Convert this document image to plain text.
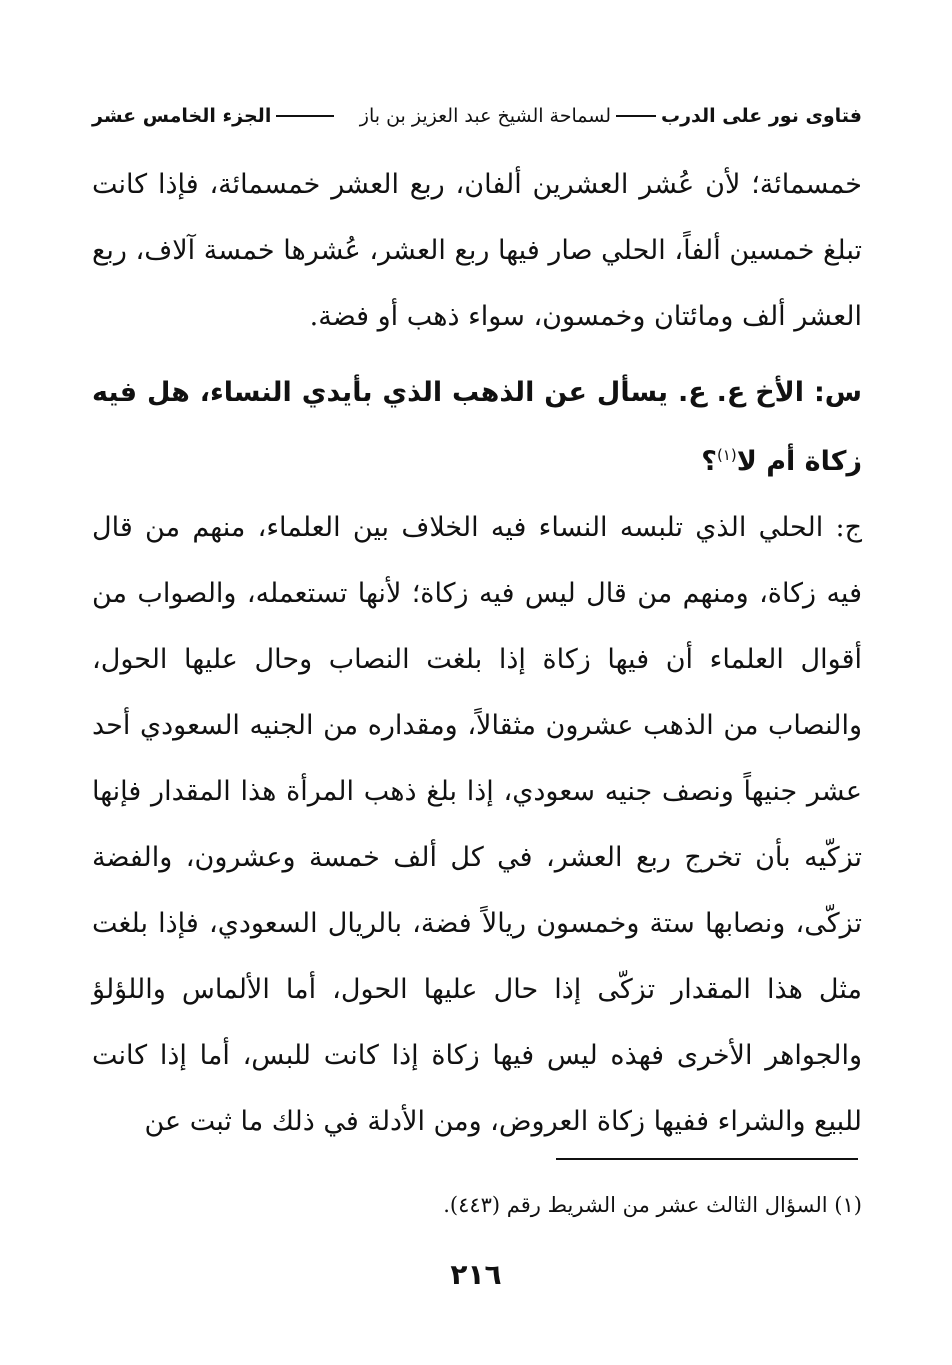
فتاوى نور على الدرب
لسماحة الشيخ عبد العزيز بن باز
الجزء الخامس عشر

خمسمائة؛ لأن عُشر العشرين ألفان، ربع العشر خمسمائة، فإذا كانت تبلغ خمسين ألفاً، الحلي صار فيها ربع العشر، عُشرها خمسة آلاف، ربع العشر ألف ومائتان وخمسون، سواء ذهب أو فضة.

س: الأخ ع. ع. يسأل عن الذهب الذي بأيدي النساء، هل فيه زكاة أم لا$^{(١)}$؟

ج: الحلي الذي تلبسه النساء فيه الخلاف بين العلماء، منهم من قال فيه زكاة، ومنهم من قال ليس فيه زكاة؛ لأنها تستعمله، والصواب من أقوال العلماء أن فيها زكاة إذا بلغت النصاب وحال عليها الحول، والنصاب من الذهب عشرون مثقالاً، ومقداره من الجنيه السعودي أحد عشر جنيهاً ونصف جنيه سعودي، إذا بلغ ذهب المرأة هذا المقدار فإنها تزكّيه بأن تخرج ربع العشر، في كل ألف خمسة وعشرون، والفضة تزكّى، ونصابها ستة وخمسون ريالاً فضة، بالريال السعودي، فإذا بلغت مثل هذا المقدار تزكّى إذا حال عليها الحول، أما الألماس واللؤلؤ والجواهر الأخرى فهذه ليس فيها زكاة إذا كانت للبس، أما إذا كانت للبيع والشراء ففيها زكاة العروض، ومن الأدلة في ذلك ما ثبت عن

(١) السؤال الثالث عشر من الشريط رقم (٤٤٣).

٢١٦
